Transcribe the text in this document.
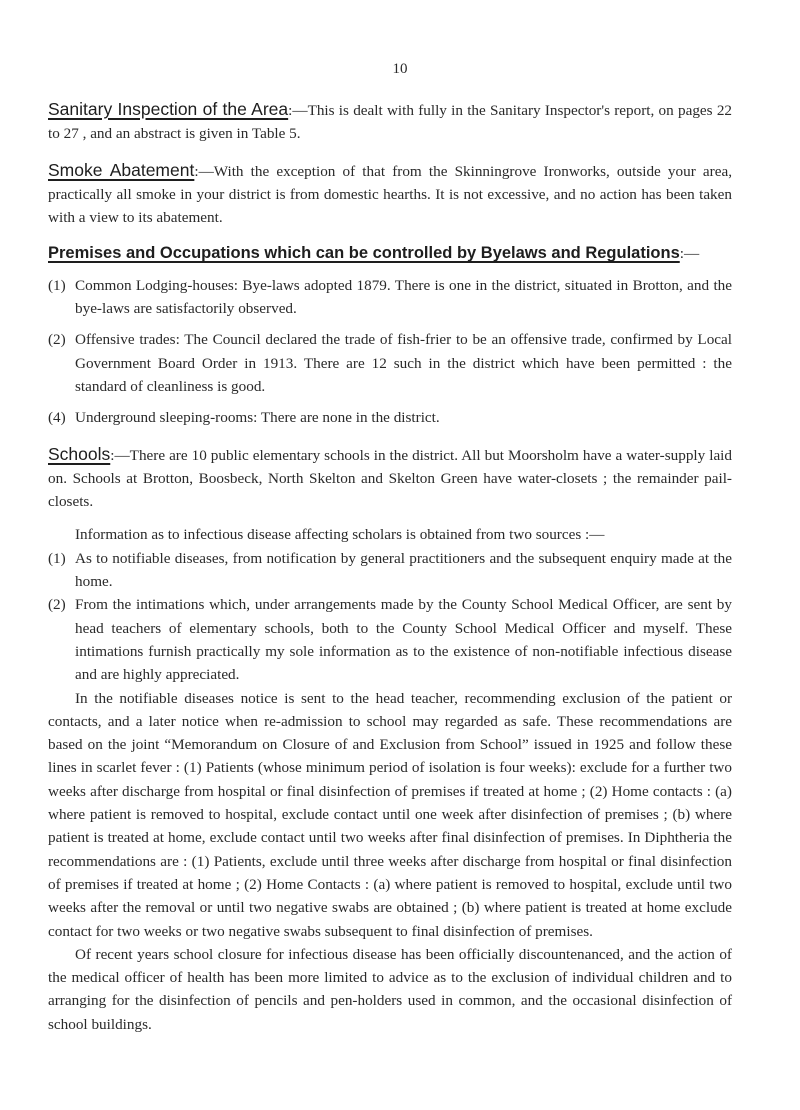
10

Sanitary Inspection of the Area:—This is dealt with fully in the Sanitary Inspector's report, on pages 22 to 27 , and an abstract is given in Table 5.

Smoke Abatement:—With the exception of that from the Skinningrove Ironworks, outside your area, practically all smoke in your district is from domestic hearths. It is not excessive, and no action has been taken with a view to its abatement.

Premises and Occupations which can be controlled by Byelaws and Regulations:—

(1) Common Lodging-houses: Bye-laws adopted 1879. There is one in the district, situated in Brotton, and the bye-laws are satisfactorily observed.
(2) Offensive trades: The Council declared the trade of fish-frier to be an offensive trade, confirmed by Local Government Board Order in 1913. There are 12 such in the district which have been permitted : the standard of cleanliness is good.
(4) Underground sleeping-rooms: There are none in the district.

Schools:—There are 10 public elementary schools in the district. All but Moorsholm have a water-supply laid on. Schools at Brotton, Boosbeck, North Skelton and Skelton Green have water-closets ; the remainder pail-closets.

Information as to infectious disease affecting scholars is obtained from two sources :—

(1) As to notifiable diseases, from notification by general practitioners and the subsequent enquiry made at the home.
(2) From the intimations which, under arrangements made by the County School Medical Officer, are sent by head teachers of elementary schools, both to the County School Medical Officer and myself. These intimations furnish practically my sole information as to the existence of non-notifiable infectious disease and are highly appreciated.

In the notifiable diseases notice is sent to the head teacher, recommending exclusion of the patient or contacts, and a later notice when re-admission to school may regarded as safe. These recommendations are based on the joint “Memorandum on Closure of and Exclusion from School” issued in 1925 and follow these lines in scarlet fever : (1) Patients (whose minimum period of isolation is four weeks): exclude for a further two weeks after discharge from hospital or final disinfection of premises if treated at home ; (2) Home contacts : (a) where patient is removed to hospital, exclude contact until one week after disinfection of premises ; (b) where patient is treated at home, exclude contact until two weeks after final disinfection of premises. In Diphtheria the recommendations are : (1) Patients, exclude until three weeks after discharge from hospital or final disinfection of premises if treated at home ; (2) Home Contacts : (a) where patient is removed to hospital, exclude until two weeks after the removal or until two negative swabs are obtained ; (b) where patient is treated at home exclude contact for two weeks or two negative swabs subsequent to final disinfection of premises.

Of recent years school closure for infectious disease has been officially discountenanced, and the action of the medical officer of health has been more limited to advice as to the exclusion of individual children and to arranging for the disinfection of pencils and pen-holders used in common, and the occasional disinfection of school buildings.
